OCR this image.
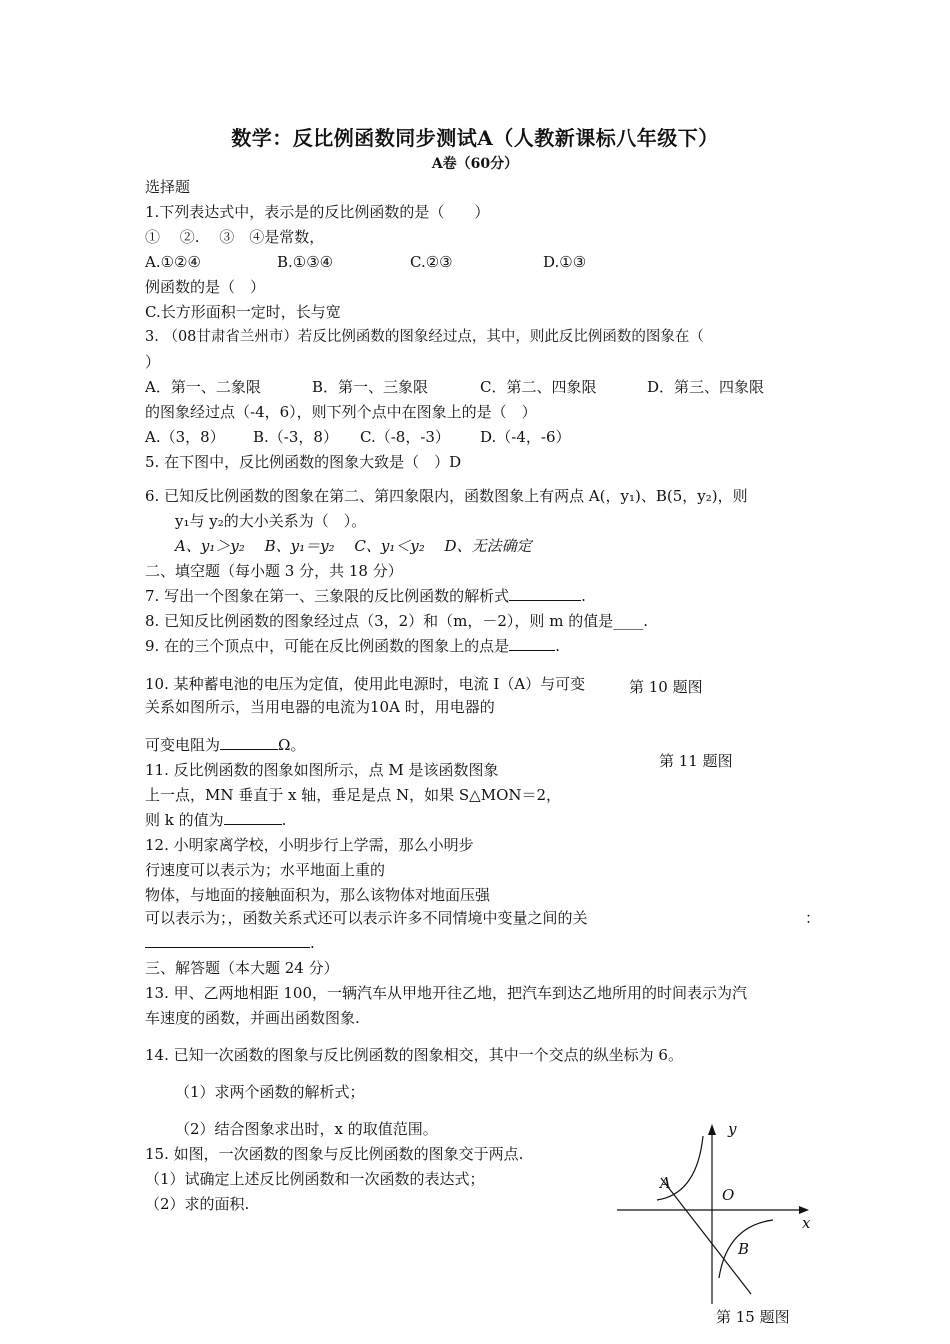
数学：反比例函数同步测试A（人教新课标八年级下）
A卷（60分）
选择题
1.下列表达式中，表示是的反比例函数的是（　　）
①　 ②.　 ③　④是常数，
A.①②④	B.①③④	C.②③	D.①③
例函数的是（　）
C.长方形面积一定时，长与宽
3. （08甘肃省兰州市）若反比例函数的图象经过点，其中，则此反比例函数的图象在（
）
A．第一、二象限	B．第一、三象限	C．第二、四象限	D．第三、四象限
的图象经过点（-4，6），则下列个点中在图象上的是（　）
A.（3，8） B.（-3，8） C.（-8，-3） D.（-4，-6）
5. 在下图中，反比例函数的图象大致是（　）D
6. 已知反比例函数的图象在第二、第四象限内，函数图象上有两点 A(，y₁)、B(5，y₂)，则
y₁与 y₂的大小关系为（　）。
A、y₁＞y₂　 B、y₁＝y₂　 C、y₁＜y₂　 D、无法确定
二、填空题（每小题 3 分，共 18 分）
7. 写出一个图象在第一、三象限的反比例函数的解析式	.
8. 已知反比例函数的图象经过点（3，2）和（m，－2），则 m 的值是____.
9. 在的三个顶点中，可能在反比例函数的图象上的点是	.
10. 某种蓄电池的电压为定值，使用此电源时，电流 I（A）与可变	第 10 题图
关系如图所示，当用电器的电流为10A 时，用电器的
可变电阻为	Ω。
第 11 题图
11. 反比例函数的图象如图所示，点 M 是该函数图象
上一点，MN 垂直于 x 轴，垂足是点 N，如果 S△MON＝2，
则 k 的值为	.
12. 小明家离学校，小明步行上学需，那么小明步
行速度可以表示为；水平地面上重的
物体，与地面的接触面积为，那么该物体对地面压强
可以表示为；，函数关系式还可以表示许多不同情境中变量之间的关	：
.
三、解答题（本大题 24 分）
13. 甲、乙两地相距 100，一辆汽车从甲地开往乙地，把汽车到达乙地所用的时间表示为汽
车速度的函数，并画出函数图象.
14. 已知一次函数的图象与反比例函数的图象相交，其中一个交点的纵坐标为 6。
（1）求两个函数的解析式；
（2）结合图象求出时，x 的取值范围。
15. 如图，一次函数的图象与反比例函数的图象交于两点.
（1）试确定上述反比例函数和一次函数的表达式；
（2）求的面积.
y
x
O
A
B
第 15 题图
